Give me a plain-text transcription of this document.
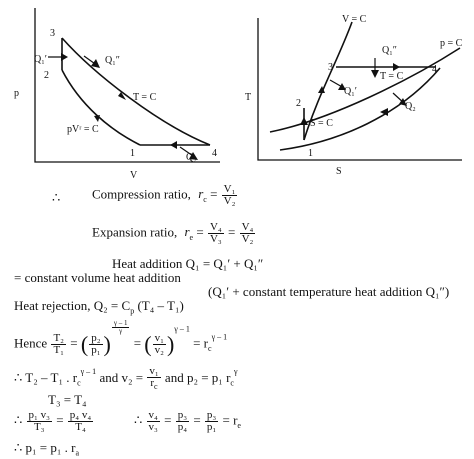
p
V
3
2
1	4
Q₁′	Q₁″
T = C
pVʳ = C
Q₂
T
S
V = C
p = C
1
2
3	4
S = C
Q₁″
T = C
Q₁′
Q₂
∴ Compression ratio, $r_c = \frac{\text{V₁}}{\text{V₂}}$
Expansion ratio, $r_e = \frac{\text{V₄}}{\text{V₃}} = \frac{\text{V₄}}{\text{V₂}}$
Heat addition Q₁ = Q₁′ + Q₁″
= constant volume heat addition
(Q₁′ + constant temperature heat addition Q₁″)
Heat rejection, $Q_2 = C_p$ (T₄ – T₁)
Hence $\frac{\text{T₂}}{\text{T₁}}$ = ( $\frac{\text{p₂}}{\text{p₁}}$ )
$^{\frac{\gamma - 1}{\gamma}}$
= ( $\frac{\text{v₁}}{\text{v₂}} )^{\gamma - 1} = r_c^{\gamma - 1}$
∴ T₂ – T₁ . $r_c^{\gamma - 1}$ and $v_2 = \frac{\text{v₁}}{r_c}$ and p₂ = p₁ $r_c^\gamma$
T₃ = T₄
∴ $\frac{\text{p₁ v₃}}{\text{T₃}} = \frac{\text{p₄ v₄}}{\text{T₄}}$	∴ $\frac{\text{v₄}}{\text{v₃}} = \frac{\text{p₃}}{\text{p₄}} = \frac{\text{p₃}}{\text{p₁}} = r_e$
∴ p₁ = p₁ . $r_a$
